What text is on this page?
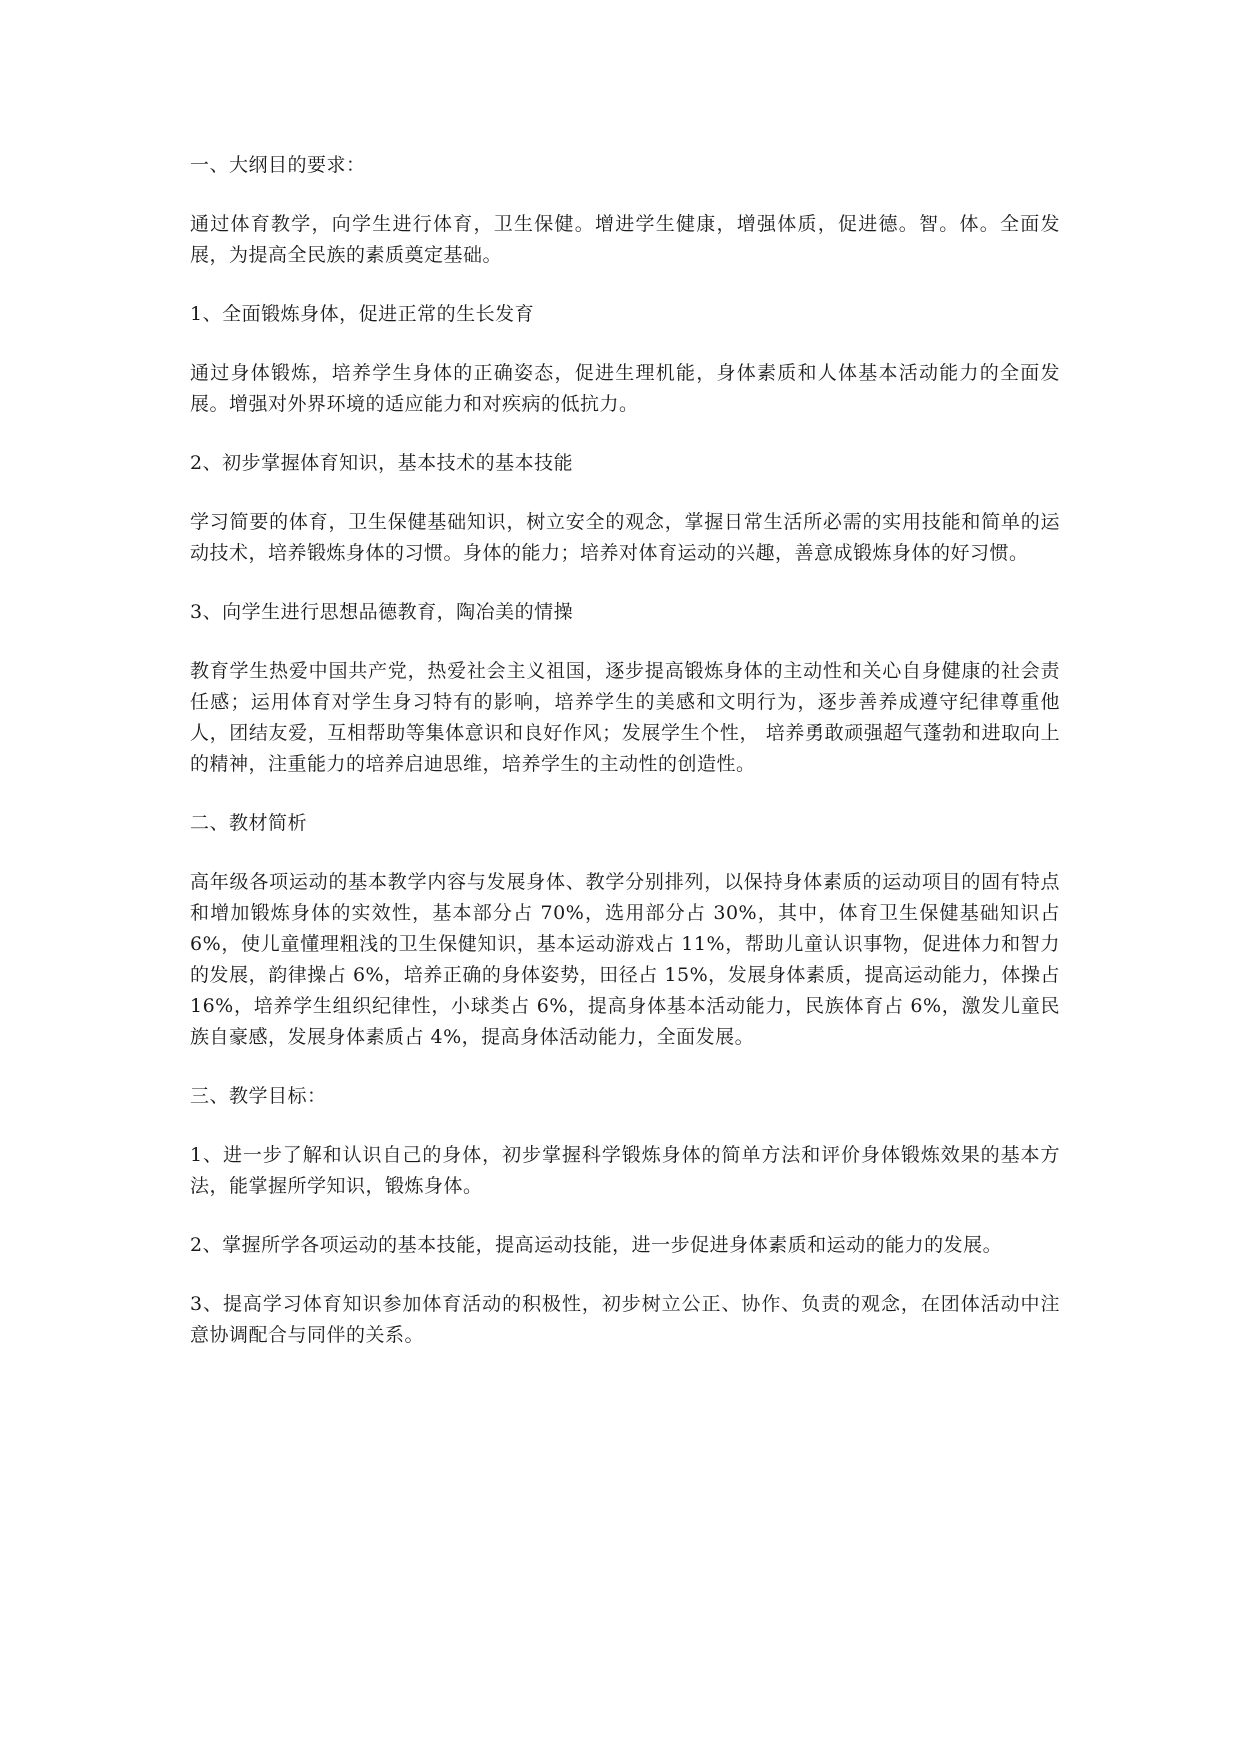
一、大纲目的要求：
通过体育教学，向学生进行体育，卫生保健。增进学生健康，增强体质，促进德。智。体。全面发展，为提高全民族的素质奠定基础。
1、全面锻炼身体，促进正常的生长发育
通过身体锻炼，培养学生身体的正确姿态，促进生理机能，身体素质和人体基本活动能力的全面发展。增强对外界环境的适应能力和对疾病的低抗力。
2、初步掌握体育知识，基本技术的基本技能
学习简要的体育，卫生保健基础知识，树立安全的观念，掌握日常生活所必需的实用技能和简单的运动技术，培养锻炼身体的习惯。身体的能力；培养对体育运动的兴趣，善意成锻炼身体的好习惯。
3、向学生进行思想品德教育，陶冶美的情操
教育学生热爱中国共产党，热爱社会主义祖国，逐步提高锻炼身体的主动性和关心自身健康的社会责任感；运用体育对学生身习特有的影响，培养学生的美感和文明行为，逐步善养成遵守纪律尊重他人，团结友爱，互相帮助等集体意识和良好作风；发展学生个性， 培养勇敢顽强超气蓬勃和进取向上的精神，注重能力的培养启迪思维，培养学生的主动性的创造性。
二、教材简析
高年级各项运动的基本教学内容与发展身体、教学分别排列，以保持身体素质的运动项目的固有特点和增加锻炼身体的实效性，基本部分占 70%，选用部分占 30%，其中，体育卫生保健基础知识占 6%，使儿童懂理粗浅的卫生保健知识，基本运动游戏占 11%，帮助儿童认识事物，促进体力和智力的发展，韵律操占 6%，培养正确的身体姿势，田径占 15%，发展身体素质，提高运动能力，体操占 16%，培养学生组织纪律性，小球类占 6%，提高身体基本活动能力，民族体育占 6%，激发儿童民族自豪感，发展身体素质占 4%，提高身体活动能力，全面发展。
三、教学目标：
1、进一步了解和认识自己的身体，初步掌握科学锻炼身体的简单方法和评价身体锻炼效果的基本方法，能掌握所学知识，锻炼身体。
2、掌握所学各项运动的基本技能，提高运动技能，进一步促进身体素质和运动的能力的发展。
3、提高学习体育知识参加体育活动的积极性，初步树立公正、协作、负责的观念，在团体活动中注意协调配合与同伴的关系。
